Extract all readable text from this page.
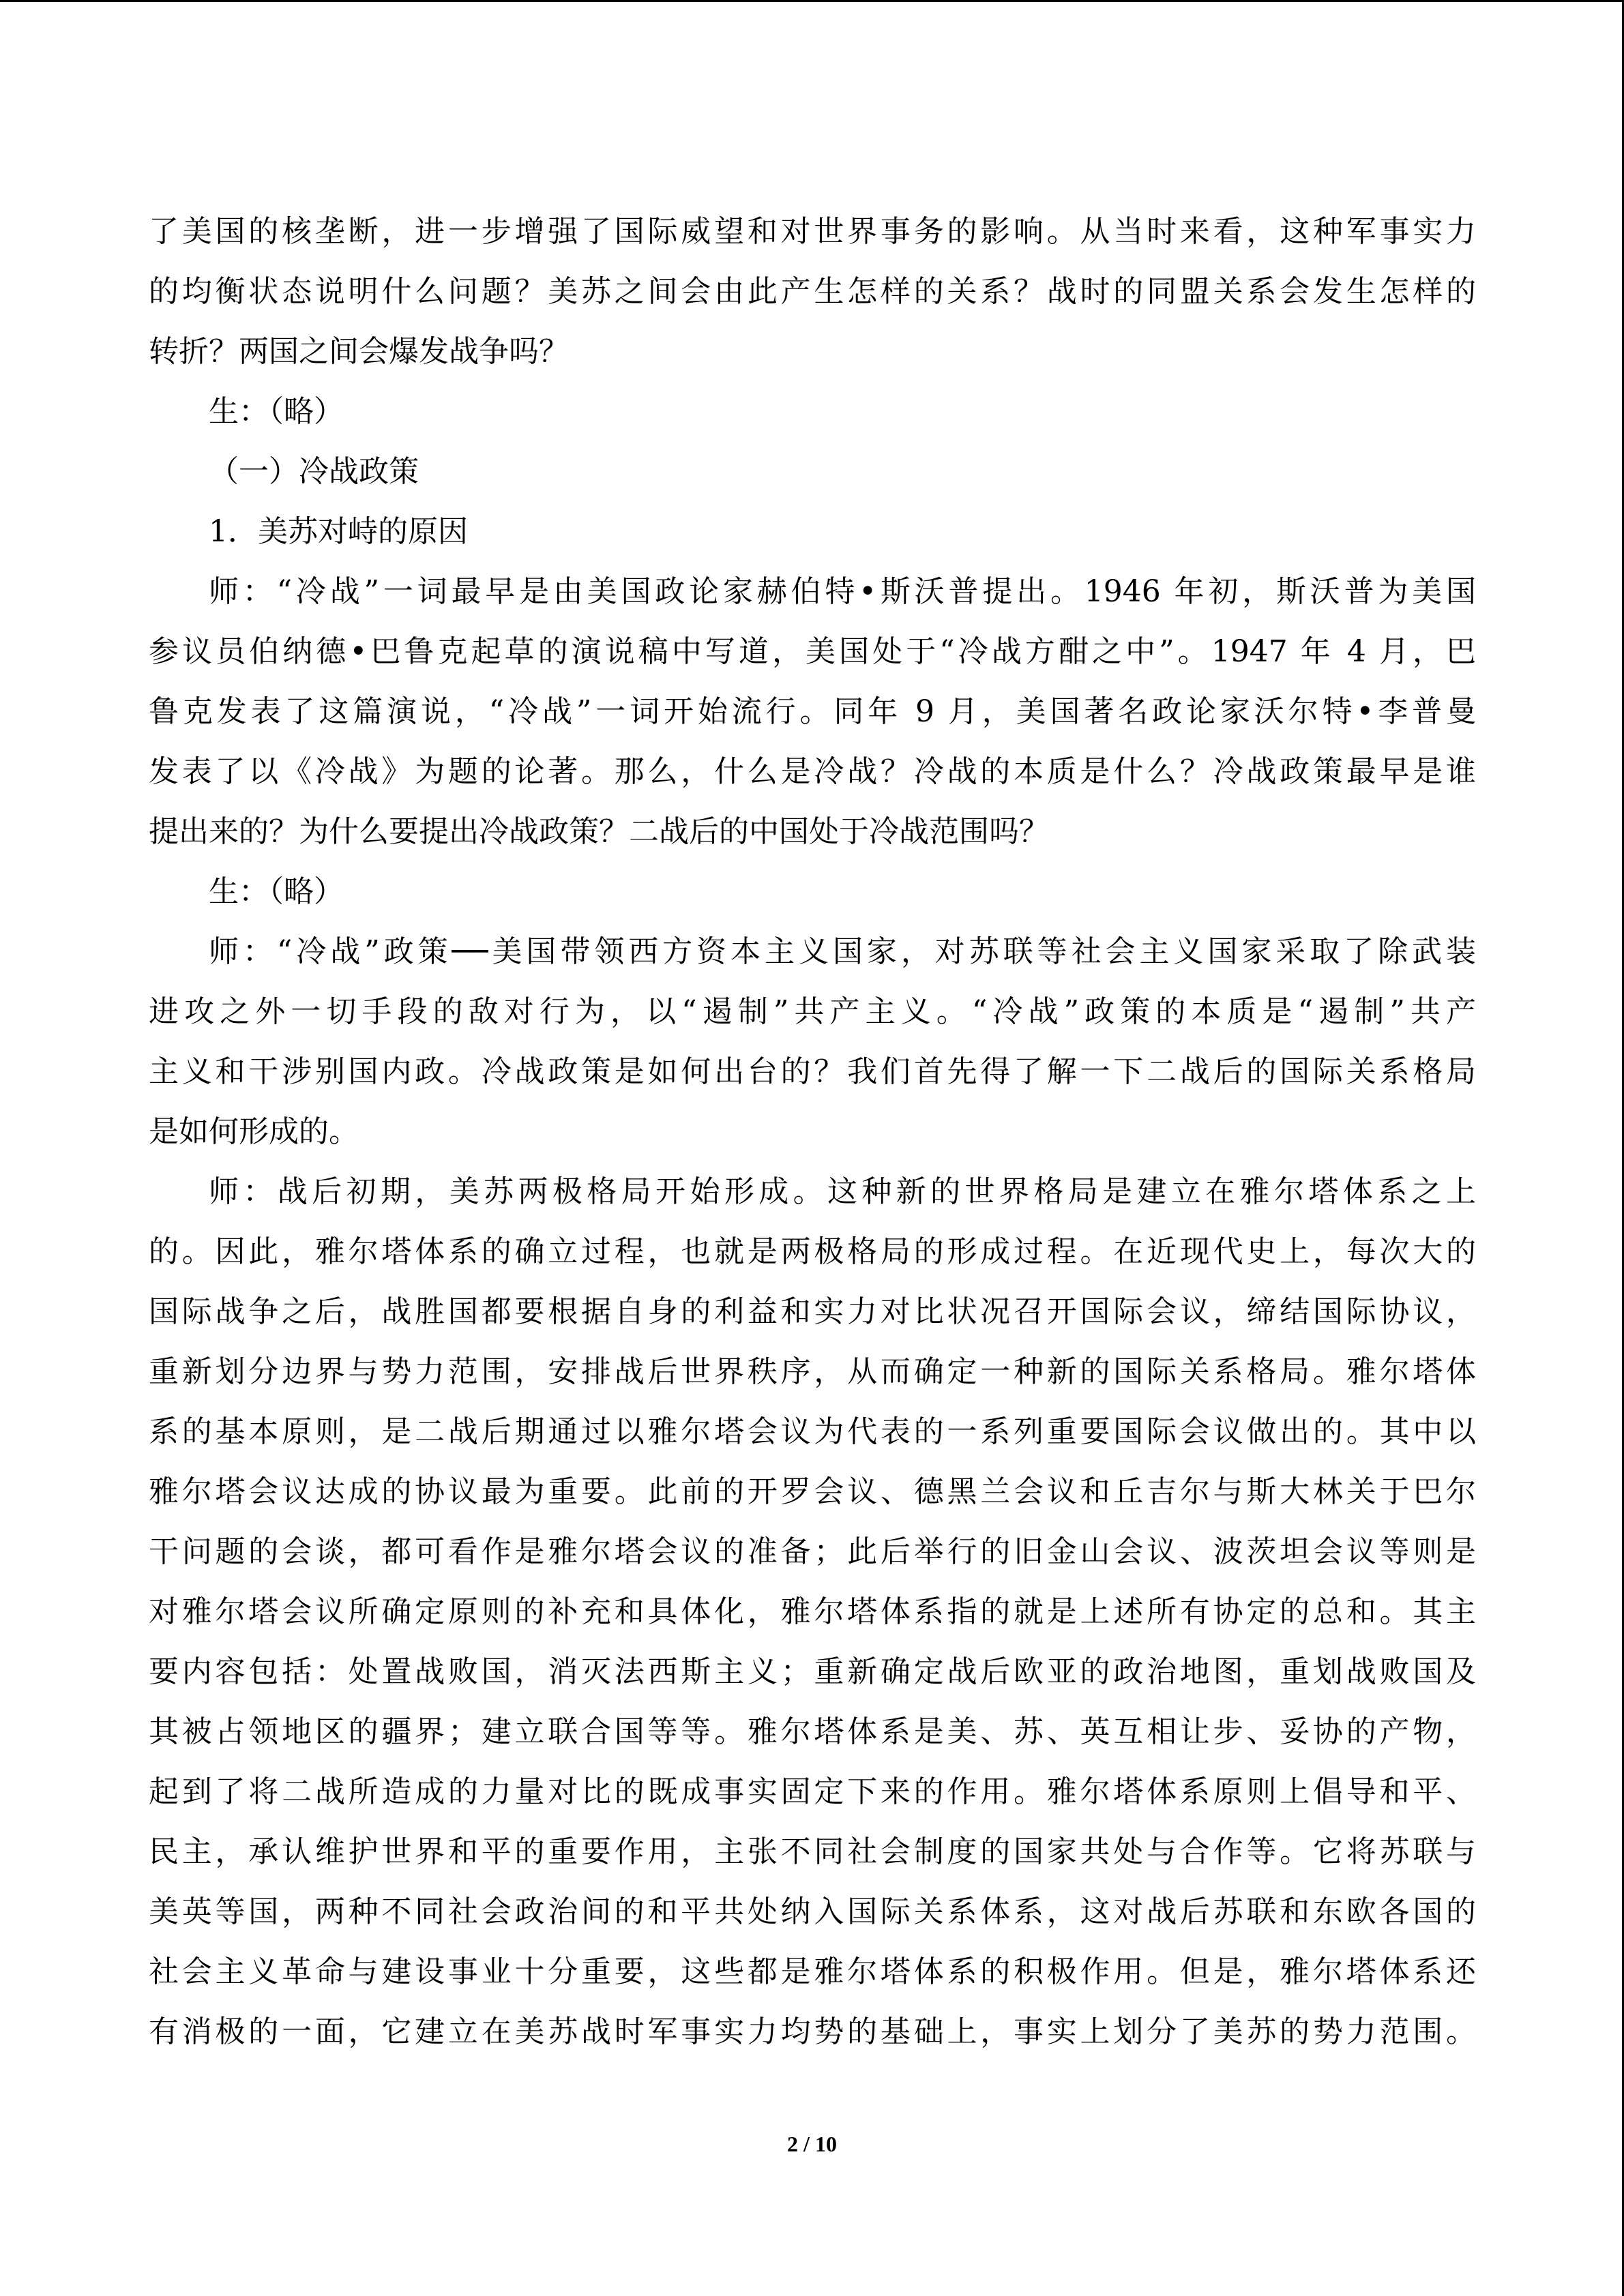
了美国的核垄断，进一步增强了国际威望和对世界事务的影响。从当时来看，这种军事实力
的均衡状态说明什么问题？美苏之间会由此产生怎样的关系？战时的同盟关系会发生怎样的
转折？两国之间会爆发战争吗？
生：（略）
（一）冷战政策
1．美苏对峙的原因
师：“冷战”一词最早是由美国政论家赫伯特•斯沃普提出。1946 年初，斯沃普为美国
参议员伯纳德•巴鲁克起草的演说稿中写道，美国处于“冷战方酣之中”。1947 年 4 月，巴
鲁克发表了这篇演说，“冷战”一词开始流行。同年 9 月，美国著名政论家沃尔特•李普曼
发表了以《冷战》为题的论著。那么，什么是冷战？冷战的本质是什么？冷战政策最早是谁
提出来的？为什么要提出冷战政策？二战后的中国处于冷战范围吗？
生：（略）
师：“冷战”政策──美国带领西方资本主义国家，对苏联等社会主义国家采取了除武装
进攻之外一切手段的敌对行为，以“遏制”共产主义。“冷战”政策的本质是“遏制”共产
主义和干涉别国内政。冷战政策是如何出台的？我们首先得了解一下二战后的国际关系格局
是如何形成的。
师：战后初期，美苏两极格局开始形成。这种新的世界格局是建立在雅尔塔体系之上
的。因此，雅尔塔体系的确立过程，也就是两极格局的形成过程。在近现代史上，每次大的
国际战争之后，战胜国都要根据自身的利益和实力对比状况召开国际会议，缔结国际协议，
重新划分边界与势力范围，安排战后世界秩序，从而确定一种新的国际关系格局。雅尔塔体
系的基本原则，是二战后期通过以雅尔塔会议为代表的一系列重要国际会议做出的。其中以
雅尔塔会议达成的协议最为重要。此前的开罗会议、德黑兰会议和丘吉尔与斯大林关于巴尔
干问题的会谈，都可看作是雅尔塔会议的准备；此后举行的旧金山会议、波茨坦会议等则是
对雅尔塔会议所确定原则的补充和具体化，雅尔塔体系指的就是上述所有协定的总和。其主
要内容包括：处置战败国，消灭法西斯主义；重新确定战后欧亚的政治地图，重划战败国及
其被占领地区的疆界；建立联合国等等。雅尔塔体系是美、苏、英互相让步、妥协的产物，
起到了将二战所造成的力量对比的既成事实固定下来的作用。雅尔塔体系原则上倡导和平、
民主，承认维护世界和平的重要作用，主张不同社会制度的国家共处与合作等。它将苏联与
美英等国，两种不同社会政治间的和平共处纳入国际关系体系，这对战后苏联和东欧各国的
社会主义革命与建设事业十分重要，这些都是雅尔塔体系的积极作用。但是，雅尔塔体系还
有消极的一面，它建立在美苏战时军事实力均势的基础上，事实上划分了美苏的势力范围。
2 / 10
